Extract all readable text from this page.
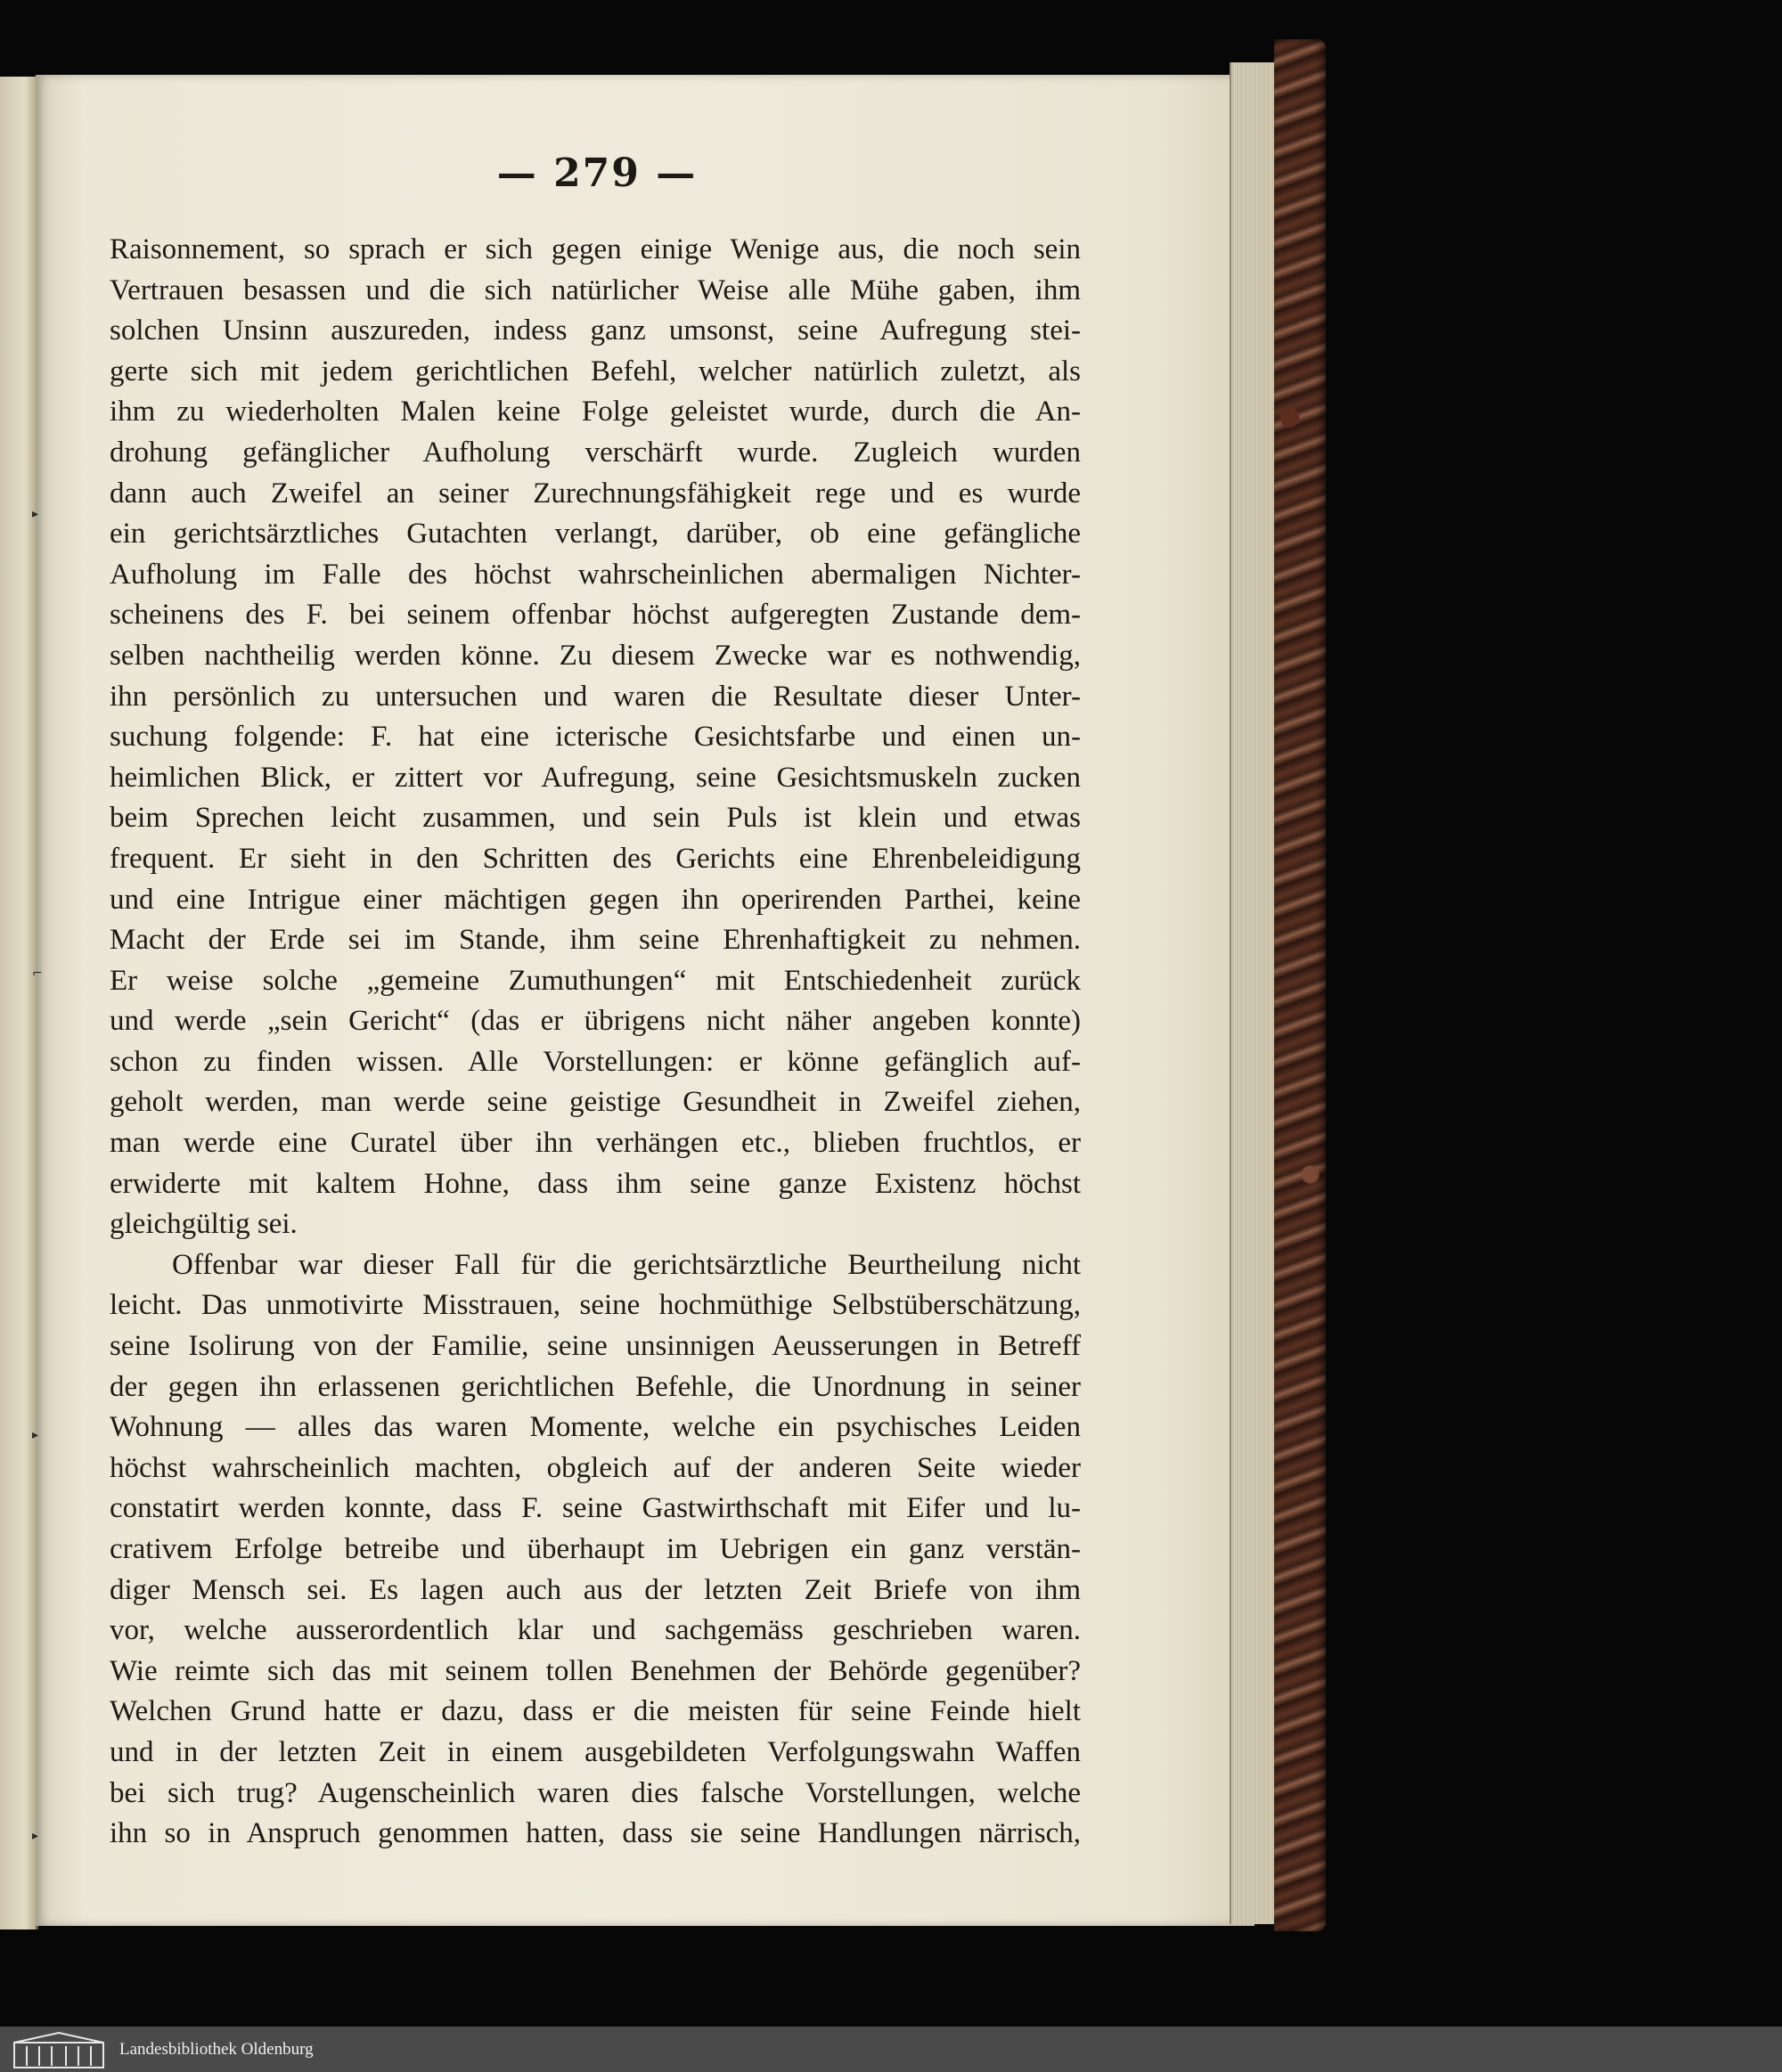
▸
⌐
▸
▸
— 279 —
Raisonnement, so sprach er sich gegen einige Wenige aus, die noch sein
Vertrauen besassen und die sich natürlicher Weise alle Mühe gaben, ihm
solchen Unsinn auszureden, indess ganz umsonst, seine Aufregung stei-
gerte sich mit jedem gerichtlichen Befehl, welcher natürlich zuletzt, als
ihm zu wiederholten Malen keine Folge geleistet wurde, durch die An-
drohung gefänglicher Aufholung verschärft wurde. Zugleich wurden
dann auch Zweifel an seiner Zurechnungsfähigkeit rege und es wurde
ein gerichtsärztliches Gutachten verlangt, darüber, ob eine gefängliche
Aufholung im Falle des höchst wahrscheinlichen abermaligen Nichter-
scheinens des F. bei seinem offenbar höchst aufgeregten Zustande dem-
selben nachtheilig werden könne. Zu diesem Zwecke war es nothwendig,
ihn persönlich zu untersuchen und waren die Resultate dieser Unter-
suchung folgende: F. hat eine icterische Gesichtsfarbe und einen un-
heimlichen Blick, er zittert vor Aufregung, seine Gesichtsmuskeln zucken
beim Sprechen leicht zusammen, und sein Puls ist klein und etwas
frequent. Er sieht in den Schritten des Gerichts eine Ehrenbeleidigung
und eine Intrigue einer mächtigen gegen ihn operirenden Parthei, keine
Macht der Erde sei im Stande, ihm seine Ehrenhaftigkeit zu nehmen.
Er weise solche „gemeine Zumuthungen“ mit Entschiedenheit zurück
und werde „sein Gericht“ (das er übrigens nicht näher angeben konnte)
schon zu finden wissen. Alle Vorstellungen: er könne gefänglich auf-
geholt werden, man werde seine geistige Gesundheit in Zweifel ziehen,
man werde eine Curatel über ihn verhängen etc., blieben fruchtlos, er
erwiderte mit kaltem Hohne, dass ihm seine ganze Existenz höchst
gleichgültig sei.
Offenbar war dieser Fall für die gerichtsärztliche Beurtheilung nicht
leicht. Das unmotivirte Misstrauen, seine hochmüthige Selbstüberschätzung,
seine Isolirung von der Familie, seine unsinnigen Aeusserungen in Betreff
der gegen ihn erlassenen gerichtlichen Befehle, die Unordnung in seiner
Wohnung — alles das waren Momente, welche ein psychisches Leiden
höchst wahrscheinlich machten, obgleich auf der anderen Seite wieder
constatirt werden konnte, dass F. seine Gastwirthschaft mit Eifer und lu-
crativem Erfolge betreibe und überhaupt im Uebrigen ein ganz verstän-
diger Mensch sei. Es lagen auch aus der letzten Zeit Briefe von ihm
vor, welche ausserordentlich klar und sachgemäss geschrieben waren.
Wie reimte sich das mit seinem tollen Benehmen der Behörde gegenüber?
Welchen Grund hatte er dazu, dass er die meisten für seine Feinde hielt
und in der letzten Zeit in einem ausgebildeten Verfolgungswahn Waffen
bei sich trug? Augenscheinlich waren dies falsche Vorstellungen, welche
ihn so in Anspruch genommen hatten, dass sie seine Handlungen närrisch,
Landesbibliothek Oldenburg
